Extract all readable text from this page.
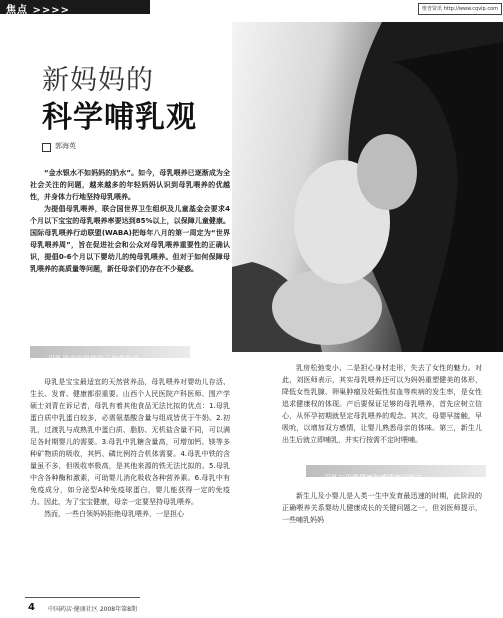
焦点 >>>>	维普资讯 http://www.cqvip.com
新妈妈的
科学哺乳观
郭海英

“金水银水不如妈妈的奶水”。如今，母乳喂养已逐渐成为全社会关注的问题，越来越多的年轻妈妈认识到母乳喂养的优越性，并身体力行地坚持母乳喂养。

为提倡母乳喂养，联合国世界卫生组织及儿童基金会要求4个月以下宝宝的母乳喂养率要达到85%以上，以保障儿童健康。国际母乳喂养行动联盟(WABA)把每年八月的第一周定为“世界母乳喂养周”，旨在促进社会和公众对母乳喂养重要性的正确认识，提倡0-6个月以下婴幼儿的纯母乳喂养。但对于如何保障母乳喂养的高质量等问题，新任母亲们仍存在不少疑惑。

母乳是宝宝最佳的天然营养品

母乳是宝宝最适宜的天然营养品，母乳喂养对婴幼儿存活、生长、发育、健康都很重要。山西个人民医院产科医师、围产学硕士刘青在诉记者，母乳有着其他食品无法比拟的优点：1.母乳蛋白质中乳蛋白较多，必需氨基酸含量与组成皆优于牛奶。2.初乳，过渡乳与成熟乳中蛋白质、脂肪、无机盐含量不同，可以满足各时期婴儿的需要。3.母乳中乳糖含量高，可增加钙、镁等多种矿物质的吸收，其钙、磷比例符合机体需要。4.母乳中铁的含量虽不多，但吸收率极高，是其他来源的铁无法比拟的。5.母乳中含各种酶和激素，可助婴儿消化吸收各种营养素。6.母乳中有免疫成分，如分泌型A种免疫球蛋白，婴儿能获得一定的免疫力。因此，为了宝宝健康，母亲一定要坚持母乳喂养。

然而，一些白领妈妈拒绝母乳喂养，一是担心

乳房松弛变小、二是担心身材走形，失去了女性的魅力。对此，刘医师表示，其实母乳喂养还可以为妈妈重塑健美的体形，降低女性乳腺、卵巢肿瘤及妊娠性贫血等疾病的发生率，是女性追求健康权的体现。产后要保证足够的母乳喂养，首先应树立信心，从怀孕初期就坚定母乳喂养的观念。其次，母婴早接触，早吸吮，以增加双方感情，让婴儿熟悉母亲的体味。第三，新生儿出生后就立即哺乳，并实行按需不定时喂哺。

母乳与母婴健康和感情密切相关

新生儿及小婴儿是人类一生中发育最迅速的时期，此阶段的正确喂养关系婴幼儿健康成长的关键问题之一，但刘医师提示，一些哺乳妈妈

4 中国药店·健康社区 2008年第8期
